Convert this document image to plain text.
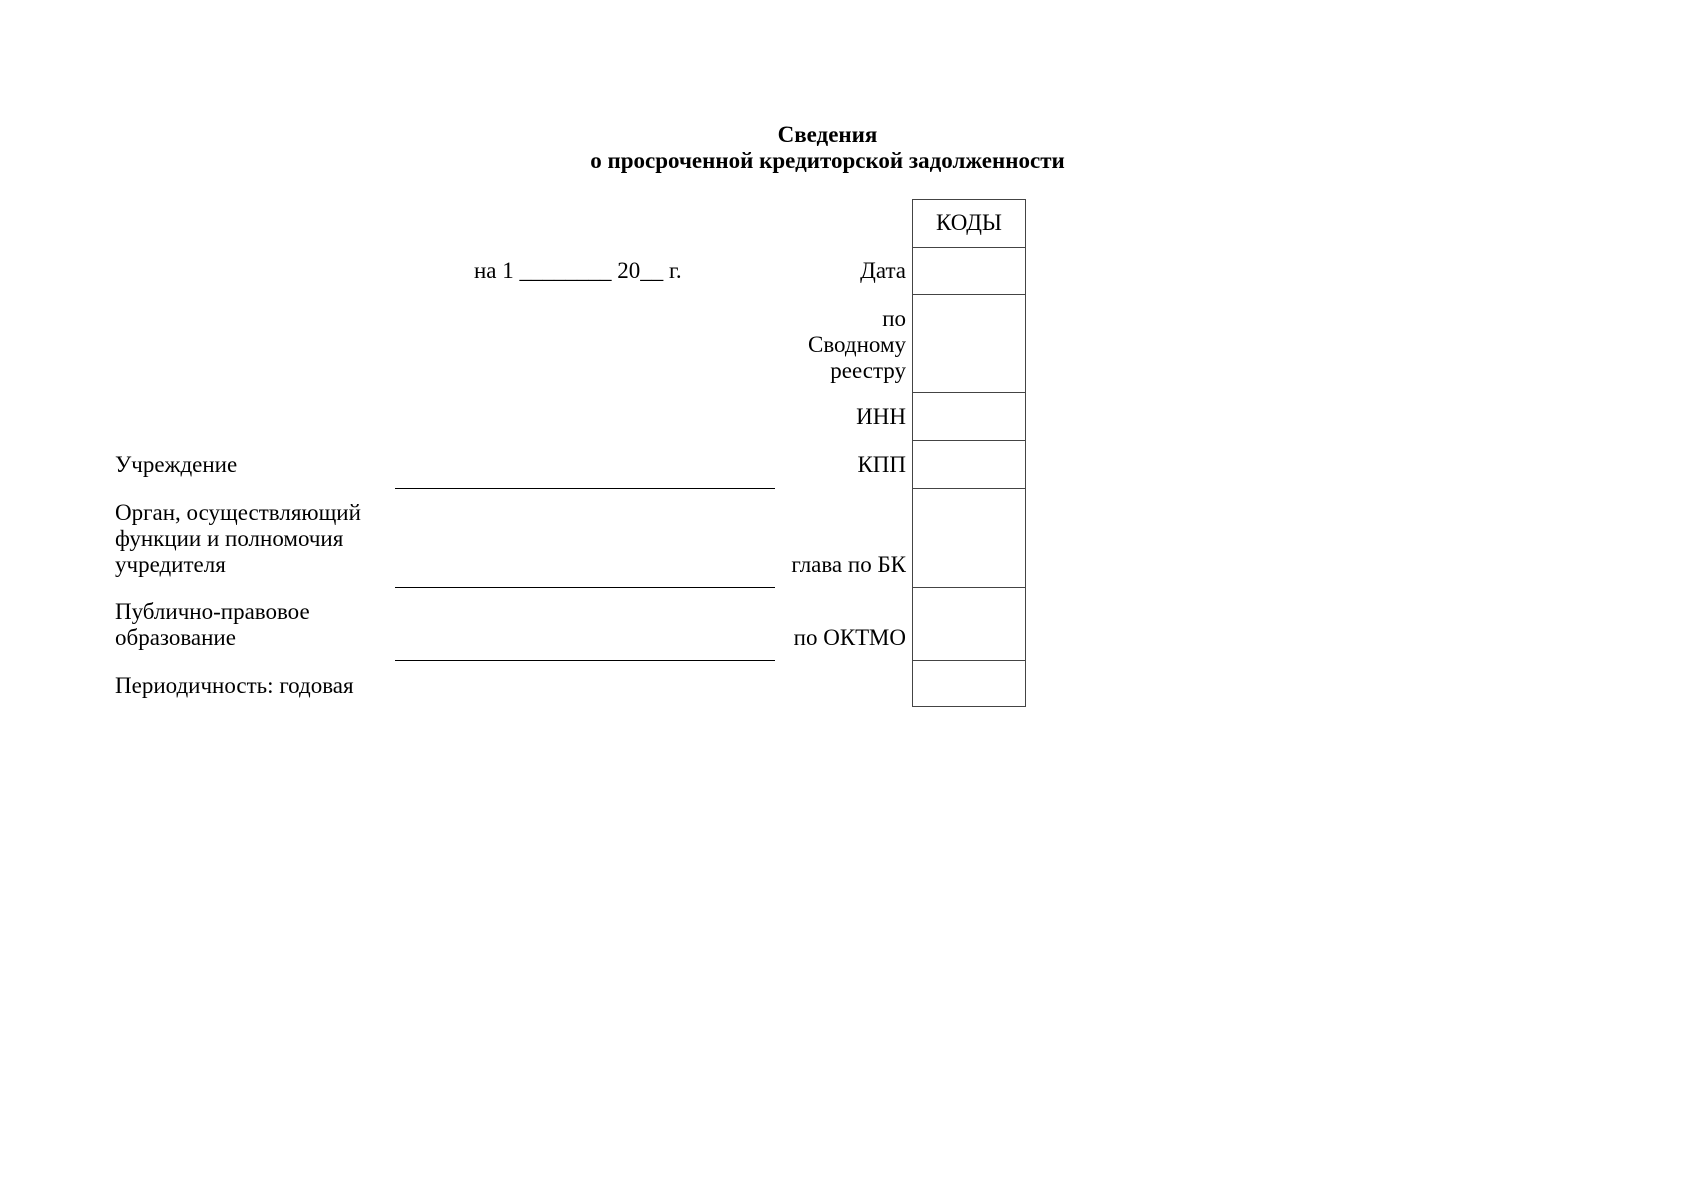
Сведения
о просроченной кредиторской задолженности
на 1 ________ 20__ г.
КОДЫ
Дата
по
Сводному
реестру
ИНН
КПП
глава по БК
по ОКТМО
Учреждение
Орган, осуществляющий
функции и полномочия
учредителя
Публично-правовое
образование
Периодичность: годовая
